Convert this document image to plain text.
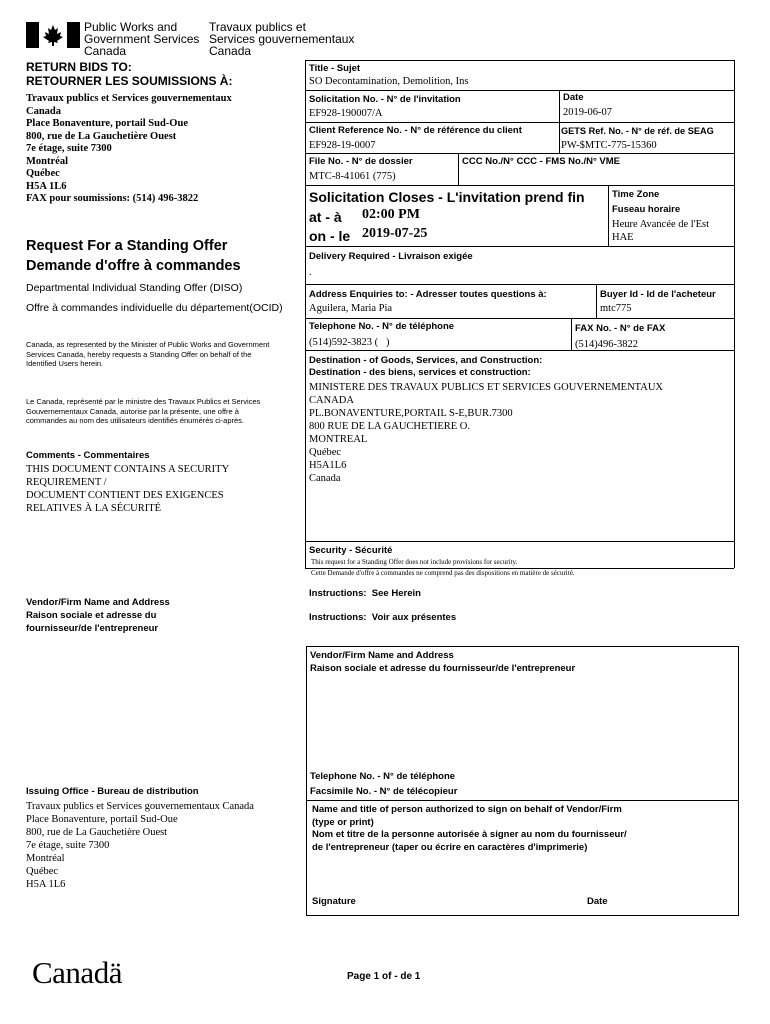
Public Works and
Government Services
Canada
Travaux publics et
Services gouvernementaux
Canada
RETURN BIDS TO:
RETOURNER LES SOUMISSIONS À:
Travaux publics et Services gouvernementaux
Canada
Place Bonaventure, portail Sud-Oue
800, rue de La Gauchetière Ouest
7e étage, suite 7300
Montréal
Québec
H5A 1L6
FAX pour soumissions: (514) 496-3822
Request For a Standing Offer
Demande d'offre à commandes
Departmental Individual Standing Offer (DISO)
Offre à commandes individuelle du département(OCID)
Canada, as represented by the Minister of Public Works and Government Services Canada, hereby requests a Standing Offer on behalf of the Identified Users herein.
Le Canada, représenté par le ministre des Travaux Publics et Services Gouvernementaux Canada, autorise par la présente, une offre à commandes au nom des utilisateurs identifiés énumérés ci-après.
Comments - Commentaires
THIS DOCUMENT CONTAINS A SECURITY
REQUIREMENT /
DOCUMENT CONTIENT DES EXIGENCES
RELATIVES À LA SÉCURITÉ
Vendor/Firm Name and Address
Raison sociale et adresse du
fournisseur/de l'entrepreneur
Issuing Office - Bureau de distribution
Travaux publics et Services gouvernementaux Canada
Place Bonaventure, portail Sud-Oue
800, rue de La Gauchetière Ouest
7e étage, suite 7300
Montréal
Québec
H5A 1L6
Title - Sujet
SO Decontamination, Demolition, Ins
Solicitation No. - N° de l'invitation
EF928-190007/A
Date
2019-06-07
Client Reference No. - N° de référence du client
EF928-19-0007
GETS Ref. No. - N° de réf. de SEAG
PW-$MTC-775-15360
File No. - N° de dossier
MTC-8-41061 (775)
CCC No./N° CCC - FMS No./N° VME
Solicitation Closes - L'invitation prend fin
at - à 02:00 PM
on - le 2019-07-25
Time Zone
Fuseau horaire
Heure Avancée de l'Est
HAE
Delivery Required - Livraison exigée
.
Address Enquiries to: - Adresser toutes questions à:
Aguilera, Maria Pia
Buyer Id - Id de l'acheteur
mtc775
Telephone No. - N° de téléphone
(514)592-3823 (   )
FAX No. - N° de FAX
(514)496-3822
Destination - of Goods, Services, and Construction:
Destination - des biens, services et construction:
MINISTERE DES TRAVAUX PUBLICS ET SERVICES GOUVERNEMENTAUX
CANADA
PL.BONAVENTURE,PORTAIL S-E,BUR.7300
800 RUE DE LA GAUCHETIERE O.
MONTREAL
Québec
H5A1L6
Canada
Security - Sécurité
This request for a Standing Offer does not include provisions for security.
Cette Demande d'offre à commandes ne comprend pas des dispositions en matière de sécurité.
Instructions:  See Herein
Instructions:  Voir aux présentes
Vendor/Firm Name and Address
Raison sociale et adresse du fournisseur/de l'entrepreneur
Telephone No. - N° de téléphone
Facsimile No. - N° de télécopieur
Name and title of person authorized to sign on behalf of Vendor/Firm
(type or print)
Nom et titre de la personne autorisée à signer au nom du fournisseur/
de l'entrepreneur (taper ou écrire en caractères d'imprimerie)
Signature	Date
Canadä	Page 1 of - de 1
